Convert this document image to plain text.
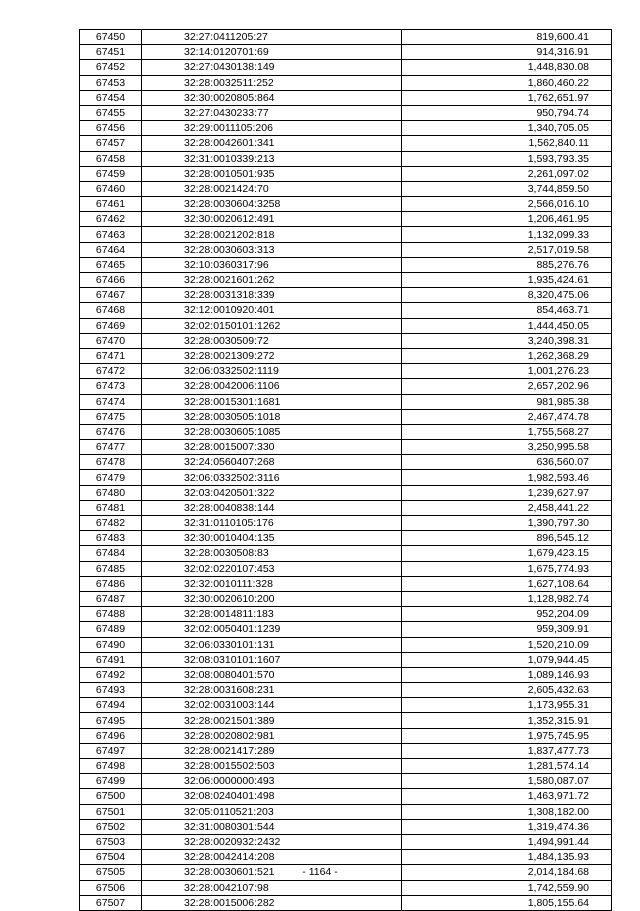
67450	32:27:0411205:27	819,600.41
67451	32:14:0120701:69	914,316.91
67452	32:27:0430138:149	1,448,830.08
67453	32:28:0032511:252	1,860,460.22
67454	32:30:0020805:864	1,762,651.97
67455	32:27:0430233:77	950,794.74
67456	32:29:0011105:206	1,340,705.05
67457	32:28:0042601:341	1,562,840.11
67458	32:31:0010339:213	1,593,793.35
67459	32:28:0010501:935	2,261,097.02
67460	32:28:0021424:70	3,744,859.50
67461	32:28:0030604:3258	2,566,016.10
67462	32:30:0020612:491	1,206,461.95
67463	32:28:0021202:818	1,132,099.33
67464	32:28:0030603:313	2,517,019.58
67465	32:10:0360317:96	885,276.76
67466	32:28:0021601:262	1,935,424.61
67467	32:28:0031318:339	8,320,475.06
67468	32:12:0010920:401	854,463.71
67469	32:02:0150101:1262	1,444,450.05
67470	32:28:0030509:72	3,240,398.31
67471	32:28:0021309:272	1,262,368.29
67472	32:06:0332502:1119	1,001,276.23
67473	32:28:0042006:1106	2,657,202.96
67474	32:28:0015301:1681	981,985.38
67475	32:28:0030505:1018	2,467,474.78
67476	32:28:0030605:1085	1,755,568.27
67477	32:28:0015007:330	3,250,995.58
67478	32:24:0560407:268	636,560.07
67479	32:06:0332502:3116	1,982,593.46
67480	32:03:0420501:322	1,239,627.97
67481	32:28:0040838:144	2,458,441.22
67482	32:31:0110105:176	1,390,797.30
67483	32:30:0010404:135	896,545.12
67484	32:28:0030508:83	1,679,423.15
67485	32:02:0220107:453	1,675,774.93
67486	32:32:0010111:328	1,627,108.64
67487	32:30:0020610:200	1,128,982.74
67488	32:28:0014811:183	952,204.09
67489	32:02:0050401:1239	959,309.91
67490	32:06:0330101:131	1,520,210.09
67491	32:08:0310101:1607	1,079,944.45
67492	32:08:0080401:570	1,089,146.93
67493	32:28:0031608:231	2,605,432.63
67494	32:02:0031003:144	1,173,955.31
67495	32:28:0021501:389	1,352,315.91
67496	32:28:0020802:981	1,975,745.95
67497	32:28:0021417:289	1,837,477.73
67498	32:28:0015502:503	1,281,574.14
67499	32:06:0000000:493	1,580,087.07
67500	32:08:0240401:498	1,463,971.72
67501	32:05:0110521:203	1,308,182.00
67502	32:31:0080301:544	1,319,474.36
67503	32:28:0020932:2432	1,494,991.44
67504	32:28:0042414:208	1,484,135.93
67505	32:28:0030601:521	2,014,184.68
67506	32:28:0042107:98	1,742,559.90
67507	32:28:0015006:282	1,805,155.64
- 1164 -
